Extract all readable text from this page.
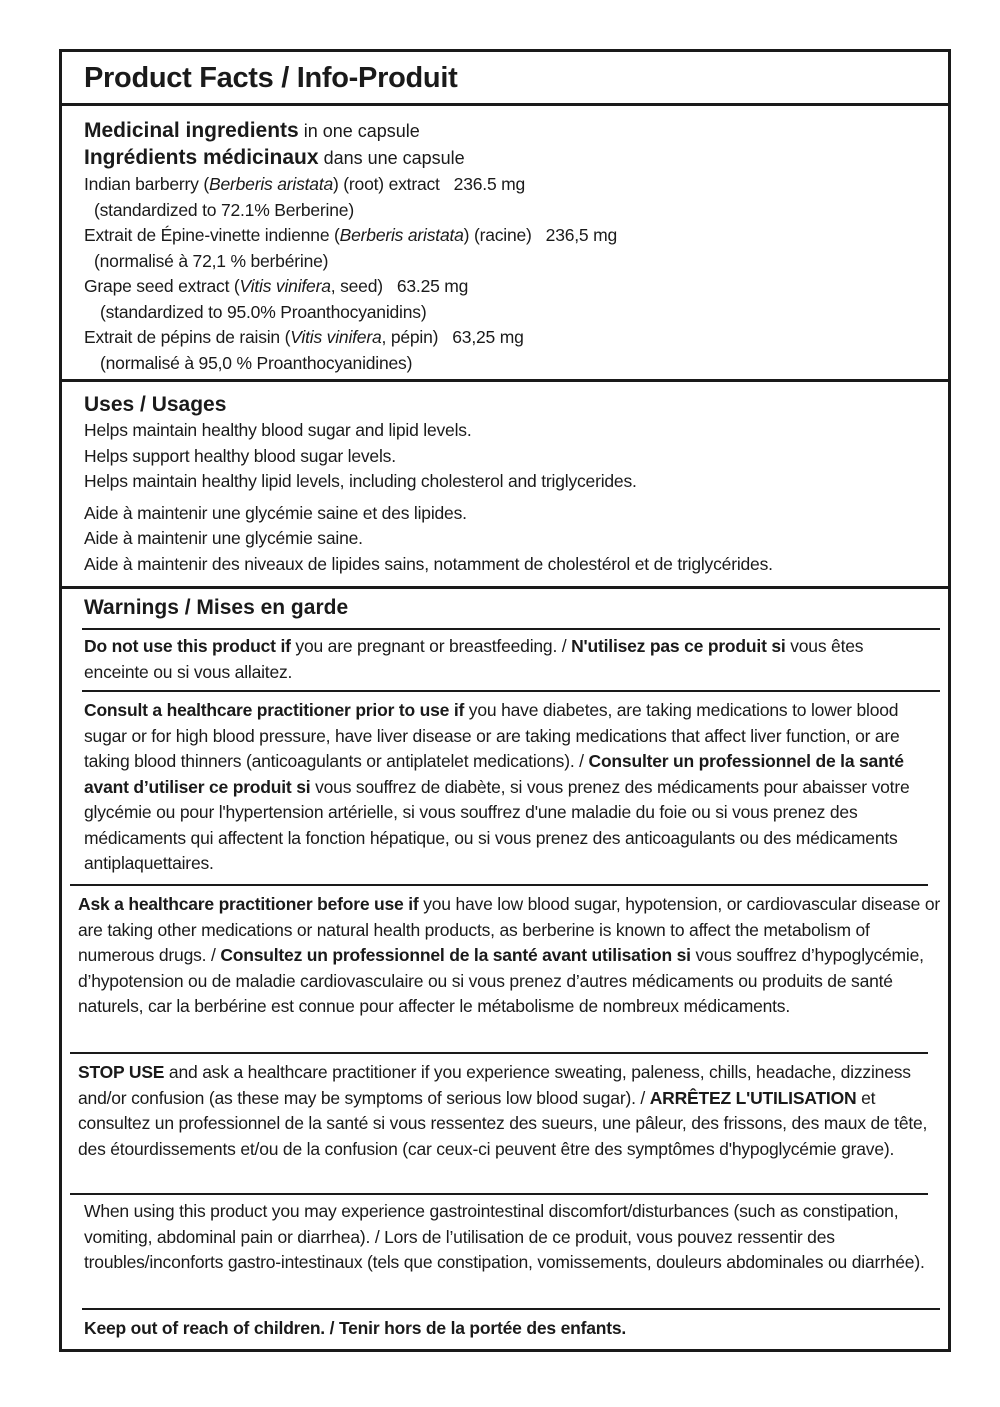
Product Facts / Info-Produit
Medicinal ingredients in one capsule
Ingrédients médicinaux dans une capsule
Indian barberry (Berberis aristata) (root) extract   236.5 mg
(standardized to 72.1% Berberine)
Extrait de Épine-vinette indienne (Berberis aristata) (racine)   236,5 mg
(normalisé à 72,1 % berbérine)
Grape seed extract (Vitis vinifera, seed)   63.25 mg
(standardized to 95.0% Proanthocyanidins)
Extrait de pépins de raisin (Vitis vinifera, pépin)   63,25 mg
(normalisé à 95,0 % Proanthocyanidines)
Uses / Usages
Helps maintain healthy blood sugar and lipid levels.
Helps support healthy blood sugar levels.
Helps maintain healthy lipid levels, including cholesterol and triglycerides.
Aide à maintenir une glycémie saine et des lipides.
Aide à maintenir une glycémie saine.
Aide à maintenir des niveaux de lipides sains, notamment de cholestérol et de triglycérides.
Warnings / Mises en garde
Do not use this product if you are pregnant or breastfeeding. / N'utilisez pas ce produit si vous êtes enceinte ou si vous allaitez.
Consult a healthcare practitioner prior to use if you have diabetes, are taking medications to lower blood sugar or for high blood pressure, have liver disease or are taking medications that affect liver function, or are taking blood thinners (anticoagulants or antiplatelet medications). / Consulter un professionnel de la santé avant d’utiliser ce produit si vous souffrez de diabète, si vous prenez des médicaments pour abaisser votre glycémie ou pour l'hypertension artérielle, si vous souffrez d'une maladie du foie ou si vous prenez des médicaments qui affectent la fonction hépatique, ou si vous prenez des anticoagulants ou des médicaments antiplaquettaires.
Ask a healthcare practitioner before use if you have low blood sugar, hypotension, or cardiovascular disease or are taking other medications or natural health products, as berberine is known to affect the metabolism of numerous drugs. / Consultez un professionnel de la santé avant utilisation si vous souffrez d’hypoglycémie, d’hypotension ou de maladie cardiovasculaire ou si vous prenez d’autres médicaments ou produits de santé naturels, car la berbérine est connue pour affecter le métabolisme de nombreux médicaments.
STOP USE and ask a healthcare practitioner if you experience sweating, paleness, chills, headache, dizziness and/or confusion (as these may be symptoms of serious low blood sugar). / ARRÊTEZ L'UTILISATION et consultez un professionnel de la santé si vous ressentez des sueurs, une pâleur, des frissons, des maux de tête, des étourdissements et/ou de la confusion (car ceux-ci peuvent être des symptômes d'hypoglycémie grave).
When using this product you may experience gastrointestinal discomfort/disturbances (such as constipation, vomiting, abdominal pain or diarrhea). / Lors de l’utilisation de ce produit, vous pouvez ressentir des troubles/inconforts gastro-intestinaux (tels que constipation, vomissements, douleurs abdominales ou diarrhée).
Keep out of reach of children. / Tenir hors de la portée des enfants.
